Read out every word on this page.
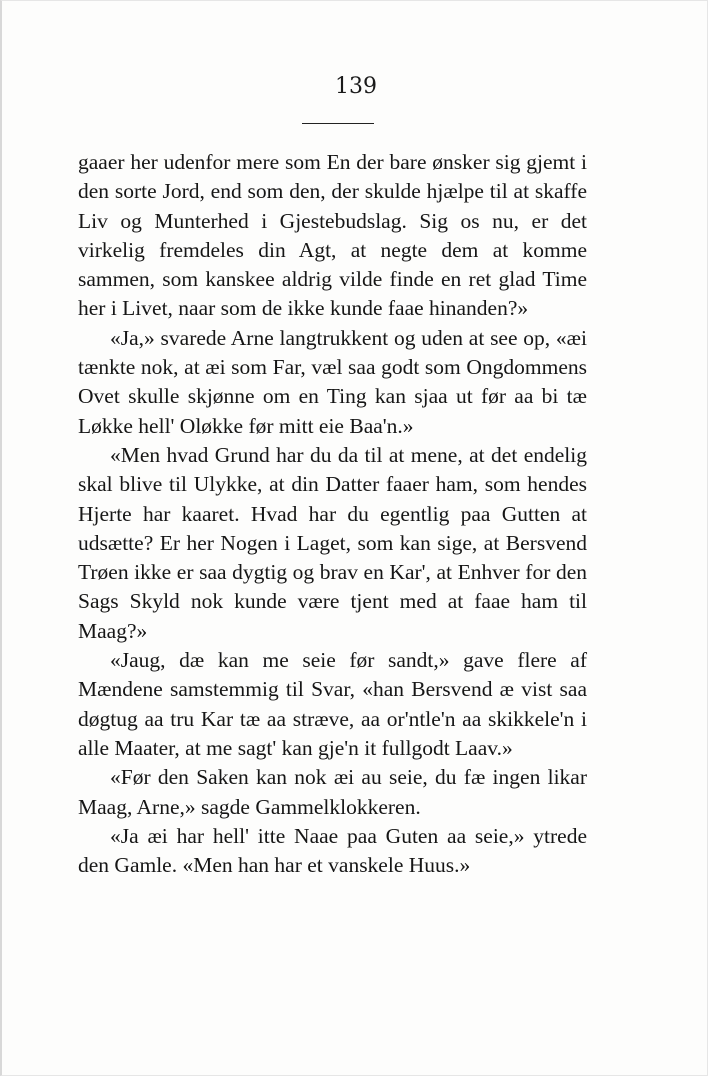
139

gaaer her udenfor mere som En der bare ønsker sig gjemt i den sorte Jord, end som den, der skulde hjælpe til at skaffe Liv og Munterhed i Gjestebudslag. Sig os nu, er det virkelig fremdeles din Agt, at negte dem at komme sammen, som kanskee aldrig vilde finde en ret glad Time her i Livet, naar som de ikke kunde faae hinanden?»

«Ja,» svarede Arne langtrukkent og uden at see op, «æi tænkte nok, at æi som Far, væl saa godt som Ongdommens Ovet skulle skjønne om en Ting kan sjaa ut før aa bi tæ Løkke hell' Oløkke før mitt eie Baa'n.»

«Men hvad Grund har du da til at mene, at det endelig skal blive til Ulykke, at din Datter faaer ham, som hendes Hjerte har kaaret. Hvad har du egentlig paa Gutten at udsætte? Er her Nogen i Laget, som kan sige, at Bersvend Trøen ikke er saa dygtig og brav en Kar', at Enhver for den Sags Skyld nok kunde være tjent med at faae ham til Maag?»

«Jaug, dæ kan me seie før sandt,» gave flere af Mændene samstemmig til Svar, «han Bersvend æ vist saa døgtug aa tru Kar tæ aa stræve, aa or'ntle'n aa skikkele'n i alle Maater, at me sagt' kan gje'n it fullgodt Laav.»

«Før den Saken kan nok æi au seie, du fæ ingen likar Maag, Arne,» sagde Gammelklokkeren.

«Ja æi har hell' itte Naae paa Guten aa seie,» ytrede den Gamle. «Men han har et vanskele Huus.»
